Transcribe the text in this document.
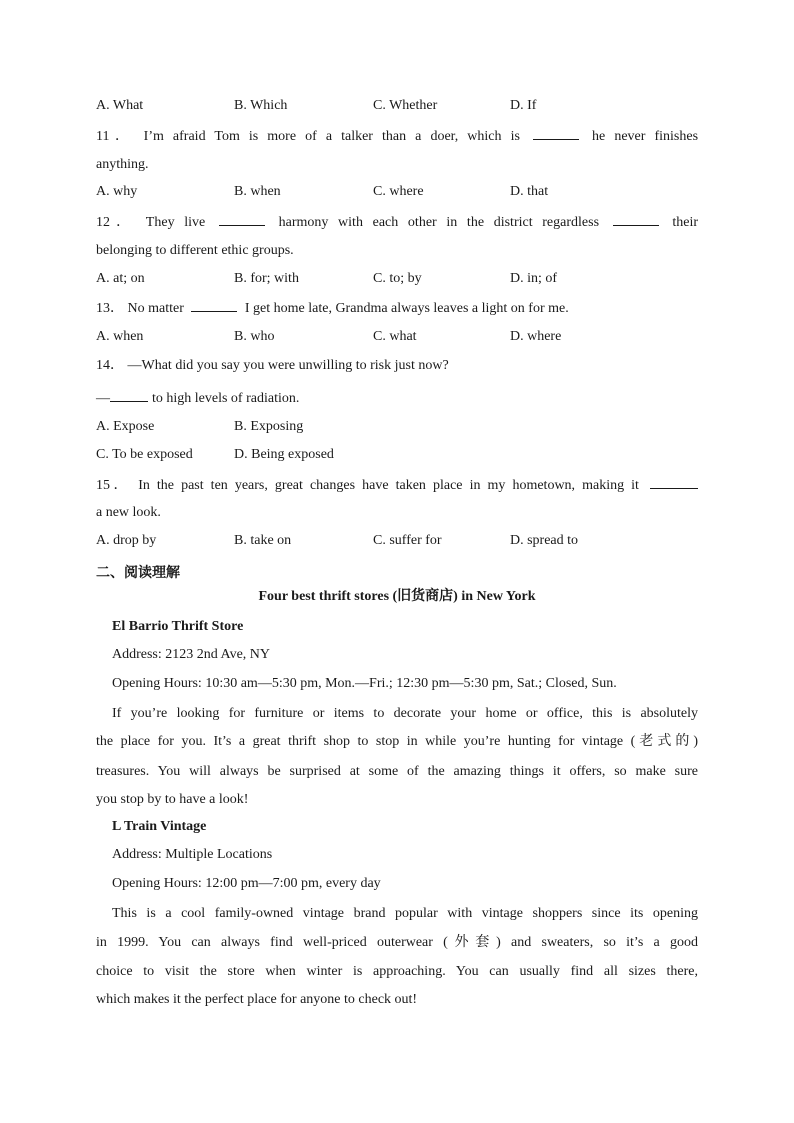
A. What	B. Which	C. Whether	D. If
11． I’m afraid Tom is more of a talker than a doer, which is	he never finishes
anything.
A. why	B. when	C. where	D. that
12． They live	harmony with each other in the district regardless	their
belonging to different ethic groups.
A. at; on	B. for; with	C. to; by	D. in; of
13． No matter	I get home late, Grandma always leaves a light on for me.
A. when	B. who	C. what	D. where
14． —What did you say you were unwilling to risk just now?
—	to high levels of radiation.
A. Expose	B. Exposing
C. To be exposed	D. Being exposed
15． In the past ten years, great changes have taken place in my hometown, making it
a new look.
A. drop by	B. take on	C. suffer for	D. spread to
二、阅读理解
Four best thrift stores (旧货商店) in New York
El Barrio Thrift Store
Address: 2123 2nd Ave, NY
Opening Hours: 10:30 am—5:30 pm, Mon.—Fri.; 12:30 pm—5:30 pm, Sat.; Closed, Sun.
If you’re looking for furniture or items to decorate your home or office, this is absolutely
the place for you. It’s a great thrift shop to stop in while you’re hunting for vintage (老式的)
treasures. You will always be surprised at some of the amazing things it offers, so make sure
you stop by to have a look!
L Train Vintage
Address: Multiple Locations
Opening Hours: 12:00 pm—7:00 pm, every day
This is a cool family-owned vintage brand popular with vintage shoppers since its opening
in 1999. You can always find well-priced outerwear (外套) and sweaters, so it’s a good
choice to visit the store when winter is approaching. You can usually find all sizes there,
which makes it the perfect place for anyone to check out!
